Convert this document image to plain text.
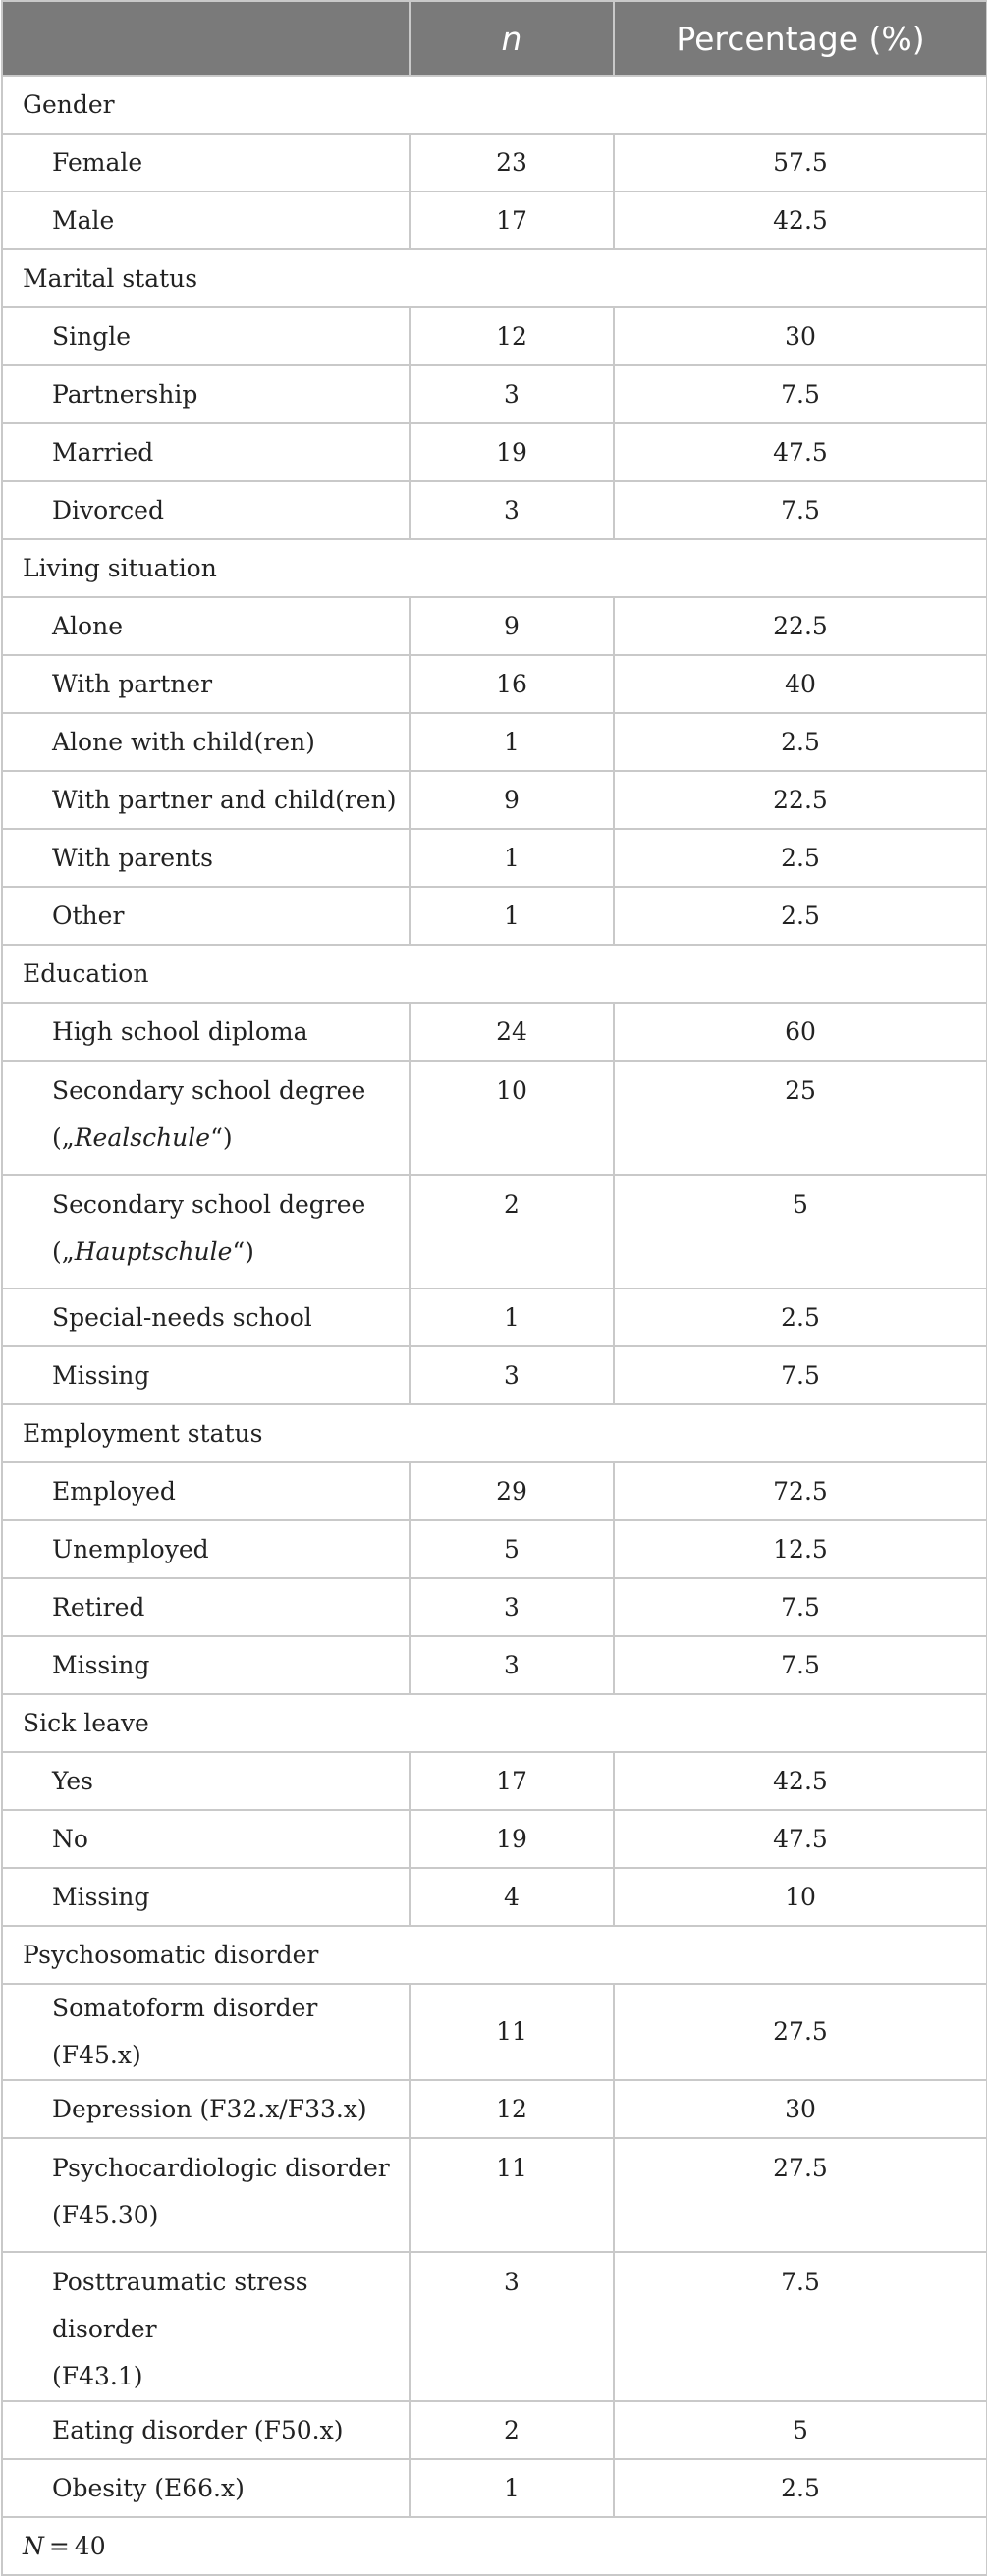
	n	Percentage (%)
Gender		
Female	23	57.5
Male	17	42.5
Marital status		
Single	12	30
Partnership	3	7.5
Married	19	47.5
Divorced	3	7.5
Living situation		
Alone	9	22.5
With partner	16	40
Alone with child(ren)	1	2.5
With partner and child(ren)	9	22.5
With parents	1	2.5
Other	1	2.5
Education		
High school diploma	24	60
Secondary school degree
(„Realschule“)	10	25
Secondary school degree
(„Hauptschule“)	2	5
Special-needs school	1	2.5
Missing	3	7.5
Employment status		
Employed	29	72.5
Unemployed	5	12.5
Retired	3	7.5
Missing	3	7.5
Sick leave		
Yes	17	42.5
No	19	47.5
Missing	4	10
Psychosomatic disorder		
Somatoform disorder (F45.x)	11	27.5
Depression (F32.x/F33.x)	12	30
Psychocardiologic disorder
(F45.30)	11	27.5
Posttraumatic stress disorder
(F43.1)	3	7.5
Eating disorder (F50.x)	2	5
Obesity (E66.x)	1	2.5
N = 40		
